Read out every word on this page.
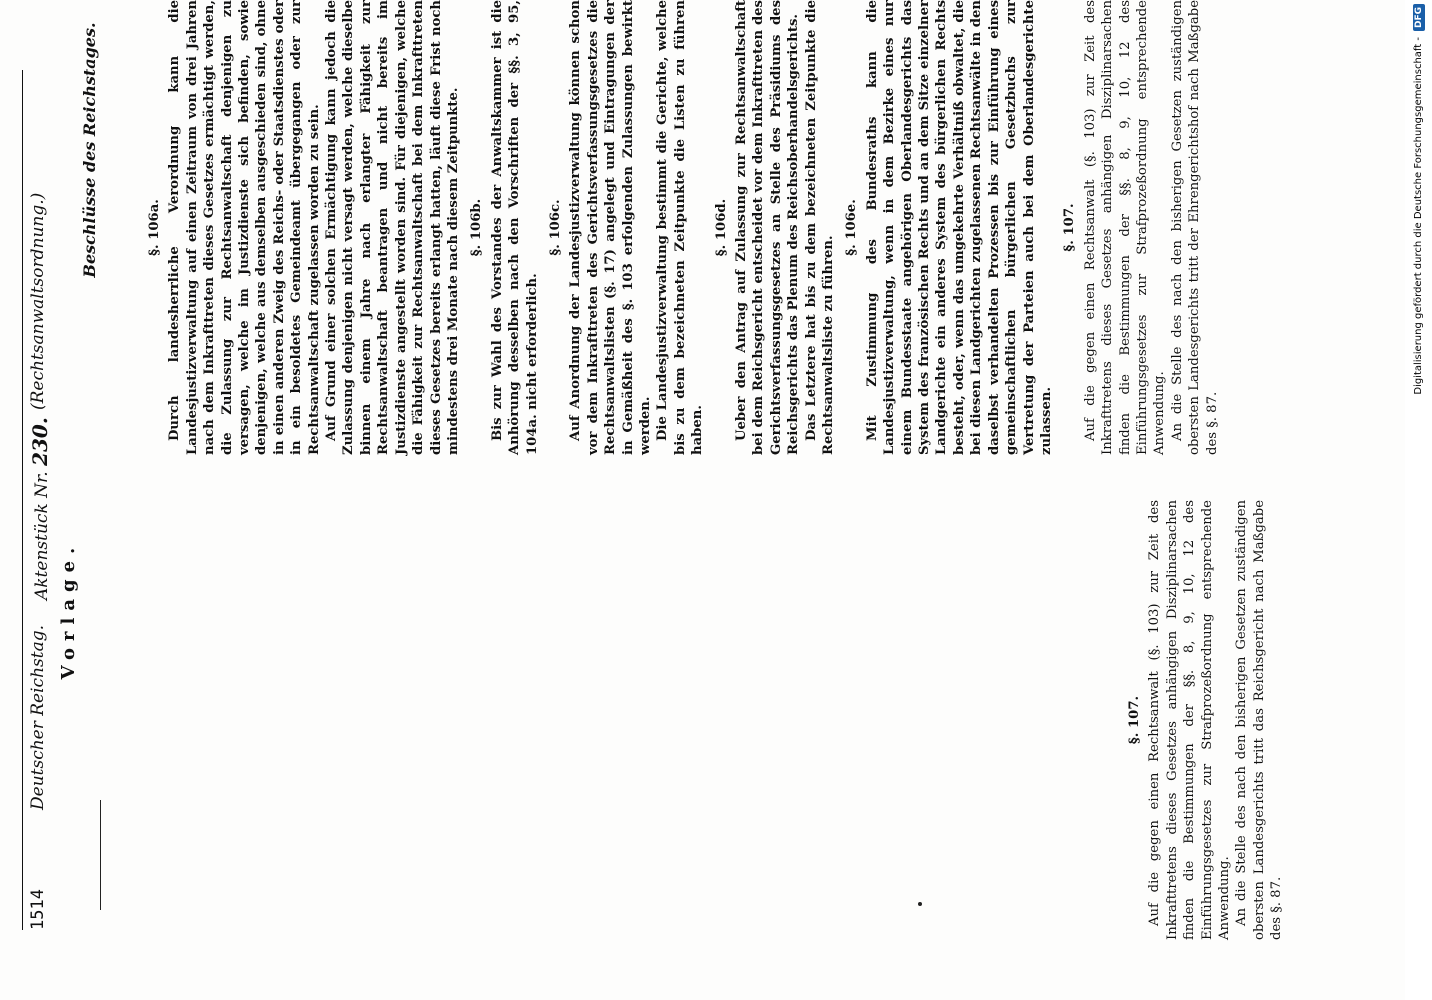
1514
Deutscher Reichstag.
Aktenstück Nr. 230.
(Rechtsanwaltsordnung.)
Vorlage.

§. 107. Auf die gegen einen Rechtsanwalt (§. 103) zur Zeit des Inkrafttretens dieses Gesetzes anhängigen Disziplinarsachen finden die Bestimmungen der §§. 8, 9, 10, 12 des Einführungsgesetzes zur Strafprozeßordnung entsprechende Anwendung. An die Stelle des nach den bisherigen Gesetzen zuständigen obersten Landesgerichts tritt das Reichsgericht nach Maßgabe des §. 87.

Beschlüsse des Reichstages.	§. 106a. Durch landesherrliche Verordnung kann die Landesjustizverwaltung auf einen Zeitraum von drei Jahren nach dem Inkrafttreten dieses Gesetzes ermächtigt werden, die Zulassung zur Rechtsanwaltschaft denjenigen zu versagen, welche im Justizdienste sich befinden, sowie denjenigen, welche aus demselben ausgeschieden sind, ohne in einen anderen Zweig des Reichs- oder Staatsdienstes oder in ein besoldetes Gemeindeamt übergegangen oder zur Rechtsanwaltschaft zugelassen worden zu sein. Auf Grund einer solchen Ermächtigung kann jedoch die Zulassung denjenigen nicht versagt werden, welche dieselbe binnen einem Jahre nach erlangter Fähigkeit zur Rechtsanwaltschaft beantragen und nicht bereits im Justizdienste angestellt worden sind. Für diejenigen, welche die Fähigkeit zur Rechtsanwaltschaft bei dem Inkrafttreten dieses Gesetzes bereits erlangt hatten, läuft diese Frist noch mindestens drei Monate nach diesem Zeitpunkte. §. 106b. Bis zur Wahl des Vorstandes der Anwaltskammer ist die Anhörung desselben nach den Vorschriften der §§. 3, 95, 104a. nicht erforderlich.

§. 106c. Auf Anordnung der Landesjustizverwaltung können schon vor dem Inkrafttreten des Gerichtsverfassungsgesetzes die Rechtsanwaltslisten (§. 17) angelegt und Eintragungen der in Gemäßheit des §. 103 erfolgenden Zulassungen bewirkt werden. Die Landesjustizverwaltung bestimmt die Gerichte, welche bis zu dem bezeichneten Zeitpunkte die Listen zu führen haben.

§. 106d. Ueber den Antrag auf Zulassung zur Rechtsanwaltschaft bei dem Reichsgericht entscheidet vor dem Inkrafttreten des Gerichtsverfassungsgesetzes an Stelle des Präsidiums des Reichsgerichts das Plenum des Reichsoberhandelsgerichts. Das Letztere hat bis zu dem bezeichneten Zeitpunkte die Rechtsanwaltsliste zu führen.

§. 106e. Mit Zustimmung des Bundesraths kann die Landesjustizverwaltung, wenn in dem Bezirke eines nur einem Bundesstaate angehörigen Oberlandesgerichts das System des französischen Rechts und an dem Sitze einzelner Landgerichte ein anderes System des bürgerlichen Rechts besteht, oder, wenn das umgekehrte Verhältniß obwaltet, die bei diesen Landgerichten zugelassenen Rechtsanwälte in den daselbst verhandelten Prozessen bis zur Einführung eines gemeinschaftlichen bürgerlichen Gesetzbuchs zur Vertretung der Parteien auch bei dem Oberlandesgerichte zulassen.

§. 107. Auf die gegen einen Rechtsanwalt (§. 103) zur Zeit des Inkrafttretens dieses Gesetzes anhängigen Disziplinarsachen finden die Bestimmungen der §§. 8, 9, 10, 12 des Einführungsgesetzes zur Strafprozeßordnung entsprechende Anwendung. An die Stelle des nach den bisherigen Gesetzen zuständigen obersten Landesgerichts tritt der Ehrengerichtshof nach Maßgabe des §. 87.

Digitalisierung gefördert durch die Deutsche Forschungsgemeinschaft -
DFG
